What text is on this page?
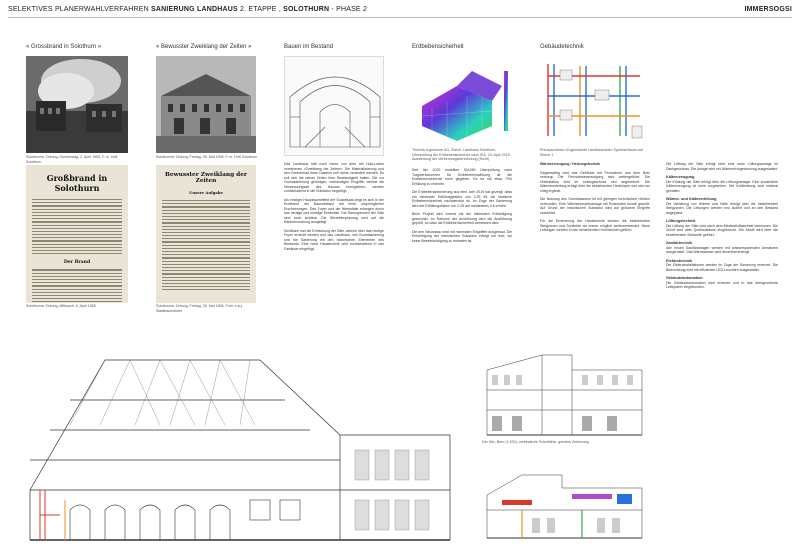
SELEKTIVES PLANERWAHLVERFAHREN SANIERUNG LANDHAUS 2. ETAPPE , SOLOTHURN - PHASE 2	IMMERSOGSI
« Grossbrand in Solothurn »	« Bewusster Zweiklang der Zeiten »	Bauen im Bestand	Erdbebensicherheit	Gebäudetechnik
Solothurner Zeitung, Donnerstag, 2. April 1955, F. m. Hofl Solothurn
Großbrand in Solothurn
Der Brand
Solothurner Zeitung, Mittwoch, 6. April 1955
Solothurner Zeitung, Freitag, 26. Mai 1956, F. m. Hofl Solothurn
Bewusster Zweiklang der Zeiten
Unsere Aufgabe
Solothurner Zeitung, Freitag, 26. Mai 1956, Foto: e.w.j. Stadtbaumeister

Das Landhaus hält noch heute von dem mit Holz-Laden versehenen «Zweiklang der Zeiten»: Die Materialisierung und den Rauminhalt Ihres Daseins soll nichts verändert werden. Es soll sich die reinen Zeiten ihrer Beständigkeit halten. Die zur Grundsanierung gehörigen, notwendigen Eingriffe, welche die Verwendungsart des Hauses ermöglichen, werden zurückhaltend in die Substanz eingefügt.

Als einziger Hauptraumeffekt der Sockelsaal zeigt es sich in der Erdebene der Bausubstanz mit ihren ursprünglichen Erscheinungen. Das Foyer und die Werkstätte erlangen durch das heutige und künftige Ensemble. Die Raumgrenzen der Säle sind noch sichtbar. Die Sitzreihenplanung wird auf die Rahmenordnung ausgelegt.

Sichtbare und die Erfrischung der Säle, welche über das heutige Foyer erreicht werden und das Landhaus, soll Grundsanierung und die Sanierung mit den historischen Elementen des Bestands. Eine neue Haustechnik wird zurückhaltend in das Gebäude eingefügt.

Thermik-Ingenieure AG, Zürich, Landhaus Solothurn, Überprüfung der Erdbebensicherheit nach SIA, 23. April 2019. Auswertung der Verformungsberechnung (Sicht)

Seit der 2020 erstellten SIA269 Überprüfung nach Tragwerksnormen für Erdbebeneinwirkung ist die Erdbebensicherheit nicht gegeben. Es ist mit etwa 70% Erfüllung zu rechnen.

Die Erdbebenanforderung aus dem Jahr 2019 hat gezeigt, dass ein minimaler Erfüllungsfaktor von 0.25 für die statische Erdbebensicherheit nachweisbar ist. Im Zuge der Sanierung wird der Erfüllungsfaktor von 0.25 auf mindestens 0.6 erhöht.

Beim Projekt wird vorerst mit der minimalen Ertüchtigung gerechnet. Im Rahmen der Ausführung wird die Ausführung geprüft, so dass die Erdbebensicherheit verbessert wird.

Die den Neuanbau wird mit minimalen Eingriffen ausgebaut. Die Ertüchtigung der historischen Substanz erfolgt nur dort, wo keine Beeinträchtigung zu erwarten ist.

Prinzipschema «Zugeordnete Landhausnetz» Speicherbaum auf Ebene 1

Wärmeerzeugung / Heizungstechnik

Gegenwärtig wird das Gebäude mit Fernwärme aus dem Netz versorgt. Die Fernwärmeversorgung wird weitergeführt. Die Unterstation wird im Untergeschoss neu angeordnet. Die Wärmeverteilung erfolgt über die bestehenden Heizkörper und wird wo nötig ergänzt.

Die Nutzung des Grundwassers ist mit geringen technischen Hürden verbunden. Eine Wärmepumpenanlage mit Erdsonden wurde geprüft. Auf Grund der historischen Substanz wird auf grössere Eingriffe verzichtet.

Für die Erneuerung der Haustechnik werden die bestehenden Steigzonen und Schächte wo immer möglich weiterverwendet. Neue Leitungen werden in den bestehenden Hohlräumen geführt.

Die Lüftung der Säle erfolgt über eine neue Lüftungsanlage im Dachgeschoss. Die Anlage wird mit Wärmerückgewinnung ausgestattet.

Kälteerzeugung

Die Kühlung der Säle erfolgt über die Lüftungsanlage. Eine zusätzliche Kälteerzeugung ist nicht vorgesehen. Die Kühlleistung wird minimal gehalten.

Wärme- und Kälteverteilung

Die Verteilung von Wärme und Kälte erfolgt über die bestehenden Steigzonen. Die Leitungen werden neu isoliert und an den Bestand angepasst.

Lüftungstechnik

Die Lüftung der Säle wird nach dem Mindestluftwechsel bemessen. Die Zuluft wird über Quellauslässe eingebracht. Die Abluft wird über die bestehenden Schächte geführt.

Sanitärtechnik

Alle neuen Sanitäranlagen werden mit wassersparenden Armaturen ausgerüstet. Das Warmwasser wird dezentral erzeugt.

Elektrotechnik

Die Elektroinstallationen werden im Zuge der Sanierung erneuert. Die Beleuchtung wird mit effizienten LED-Leuchten ausgestattet.

Gebäudeautomation

Die Gebäudeautomation wird erneuert und in das übergeordnete Leitsystem eingebunden.

Der Sitz, Bern (1:100), verbindliche Schnittlinie, gemäss Zeichnung
